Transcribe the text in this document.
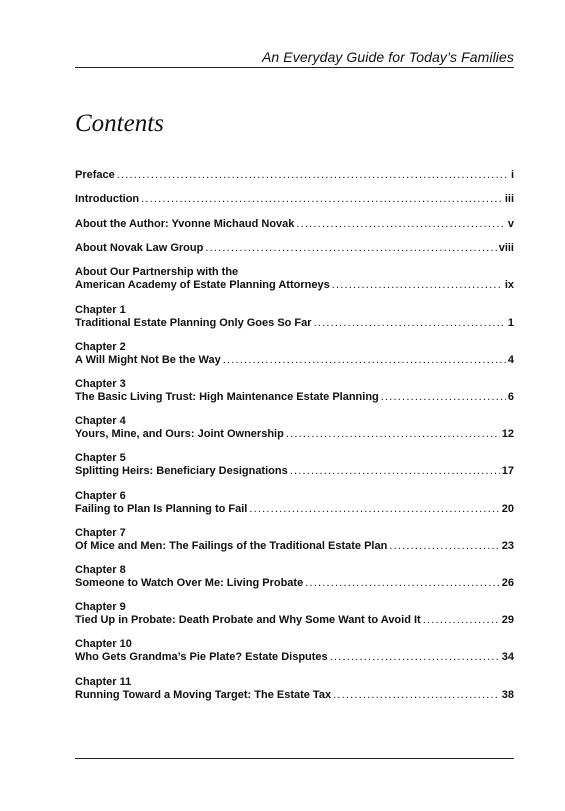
An Everyday Guide for Today’s Families
Contents
Preface .....	i
Introduction .....	iii
About the Author: Yvonne Michaud Novak .....	v
About Novak Law Group .....	viii
About Our Partnership with the
American Academy of Estate Planning Attorneys .....	ix
Chapter 1
Traditional Estate Planning Only Goes So Far .....	1
Chapter 2
A Will Might Not Be the Way .....	4
Chapter 3
The Basic Living Trust: High Maintenance Estate Planning .....	6
Chapter 4
Yours, Mine, and Ours: Joint Ownership .....	12
Chapter 5
Splitting Heirs: Beneficiary Designations .....	17
Chapter 6
Failing to Plan Is Planning to Fail .....	20
Chapter 7
Of Mice and Men: The Failings of the Traditional Estate Plan .....	23
Chapter 8
Someone to Watch Over Me: Living Probate .....	26
Chapter 9
Tied Up in Probate: Death Probate and Why Some Want to Avoid It .....	29
Chapter 10
Who Gets Grandma’s Pie Plate? Estate Disputes .....	34
Chapter 11
Running Toward a Moving Target: The Estate Tax .....	38
